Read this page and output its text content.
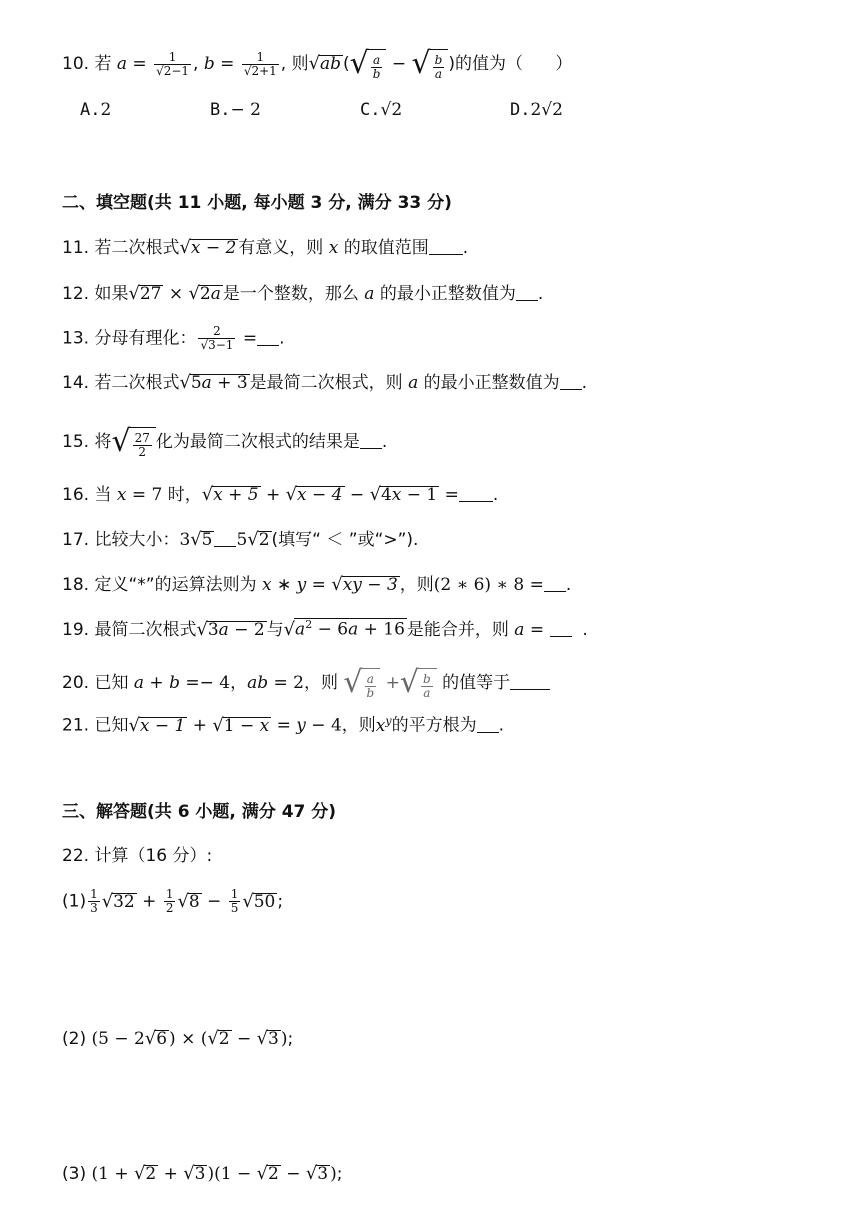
10. 若 $a = \frac{1}{√2-1}$ , $b = \frac{1}{√2+1}$ , 则√ab ( √ $\frac{a}{b}$ − √ $\frac{b}{a}$ )的值为（ ）
A.2	B.− 2	C.√2	D.2√2
二、填空题(共 11 小题, 每小题 3 分, 满分 33 分)
11. 若二次根式√x − 2 有意义，则 x 的取值范围 .
12. 如果√27 × √2a 是一个整数，那么 a 的最小正整数值为 .
13. 分母有理化： $\frac{2}{√3-1}$ = .
14. 若二次根式√5a + 3 是最简二次根式，则 a 的最小正整数值为 .
15. 将 √ $\frac{27}{2}$ 化为最简二次根式的结果是 .
16. 当 x = 7 时，√x + 5 + √x − 4 − √4x − 1 = .
17. 比较大小：3√5 5√2 (填写“ ＜ ”或“>”).
18. 定义“*”的运算法则为 x ∗ y = √xy − 3 ，则(2 ∗ 6) ∗ 8 = .
19. 最简二次根式√3a − 2 与$√a^2 - 6a + 16$ 是能合并，则 a =   .
20. 已知 a + b =− 4，ab = 2，则 √ $\frac{a}{b}$ + √ $\frac{b}{a}$ 的值等于
21. 已知√x − 1 + √1 − x = y − 4，则$x^y$的平方根为 .
三、解答题(共 6 小题, 满分 47 分)
22. 计算（16 分）:
$(1) \frac{1}{3} √32 + \frac{1}{2} √8 - \frac{1}{5} √50$ ;
(2) (5 − 2√6 ) × (√2 − √3 );
(3) (1 + √2 + √3 )(1 − √2 − √3 );
